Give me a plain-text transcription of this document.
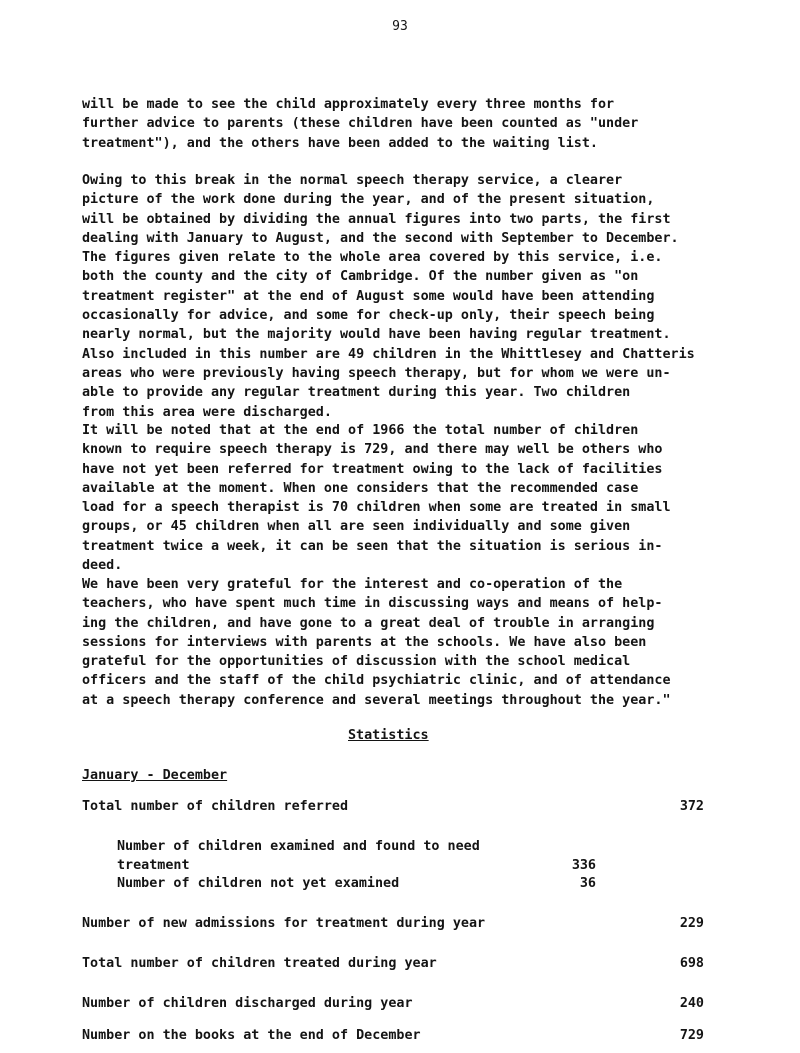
93

will be made to see the child approximately every three months for
further advice to parents (these children have been counted as "under
treatment"), and the others have been added to the waiting list.

Owing to this break in the normal speech therapy service, a clearer
picture of the work done during the year, and of the present situation,
will be obtained by dividing the annual figures into two parts, the first
dealing with January to August, and the second with September to December.
The figures given relate to the whole area covered by this service, i.e.
both the county and the city of Cambridge. Of the number given as "on
treatment register" at the end of August some would have been attending
occasionally for advice, and some for check-up only, their speech being
nearly normal, but the majority would have been having regular treatment.
Also included in this number are 49 children in the Whittlesey and Chatteris
areas who were previously having speech therapy, but for whom we were un-
able to provide any regular treatment during this year. Two children
from this area were discharged.

It will be noted that at the end of 1966 the total number of children
known to require speech therapy is 729, and there may well be others who
have not yet been referred for treatment owing to the lack of facilities
available at the moment. When one considers that the recommended case
load for a speech therapist is 70 children when some are treated in small
groups, or 45 children when all are seen individually and some given
treatment twice a week, it can be seen that the situation is serious in-
deed.

We have been very grateful for the interest and co-operation of the
teachers, who have spent much time in discussing ways and means of help-
ing the children, and have gone to a great deal of trouble in arranging
sessions for interviews with parents at the schools. We have also been
grateful for the opportunities of discussion with the school medical
officers and the staff of the child psychiatric clinic, and of attendance
at a speech therapy conference and several meetings throughout the year."

Statistics
January - December
Total number of children referred	372
Number of children examined and found to need
treatment	336
Number of children not yet examined	36
Number of new admissions for treatment during year	229
Total number of children treated during year	698
Number of children discharged during year	240
Number on the books at the end of December	729
